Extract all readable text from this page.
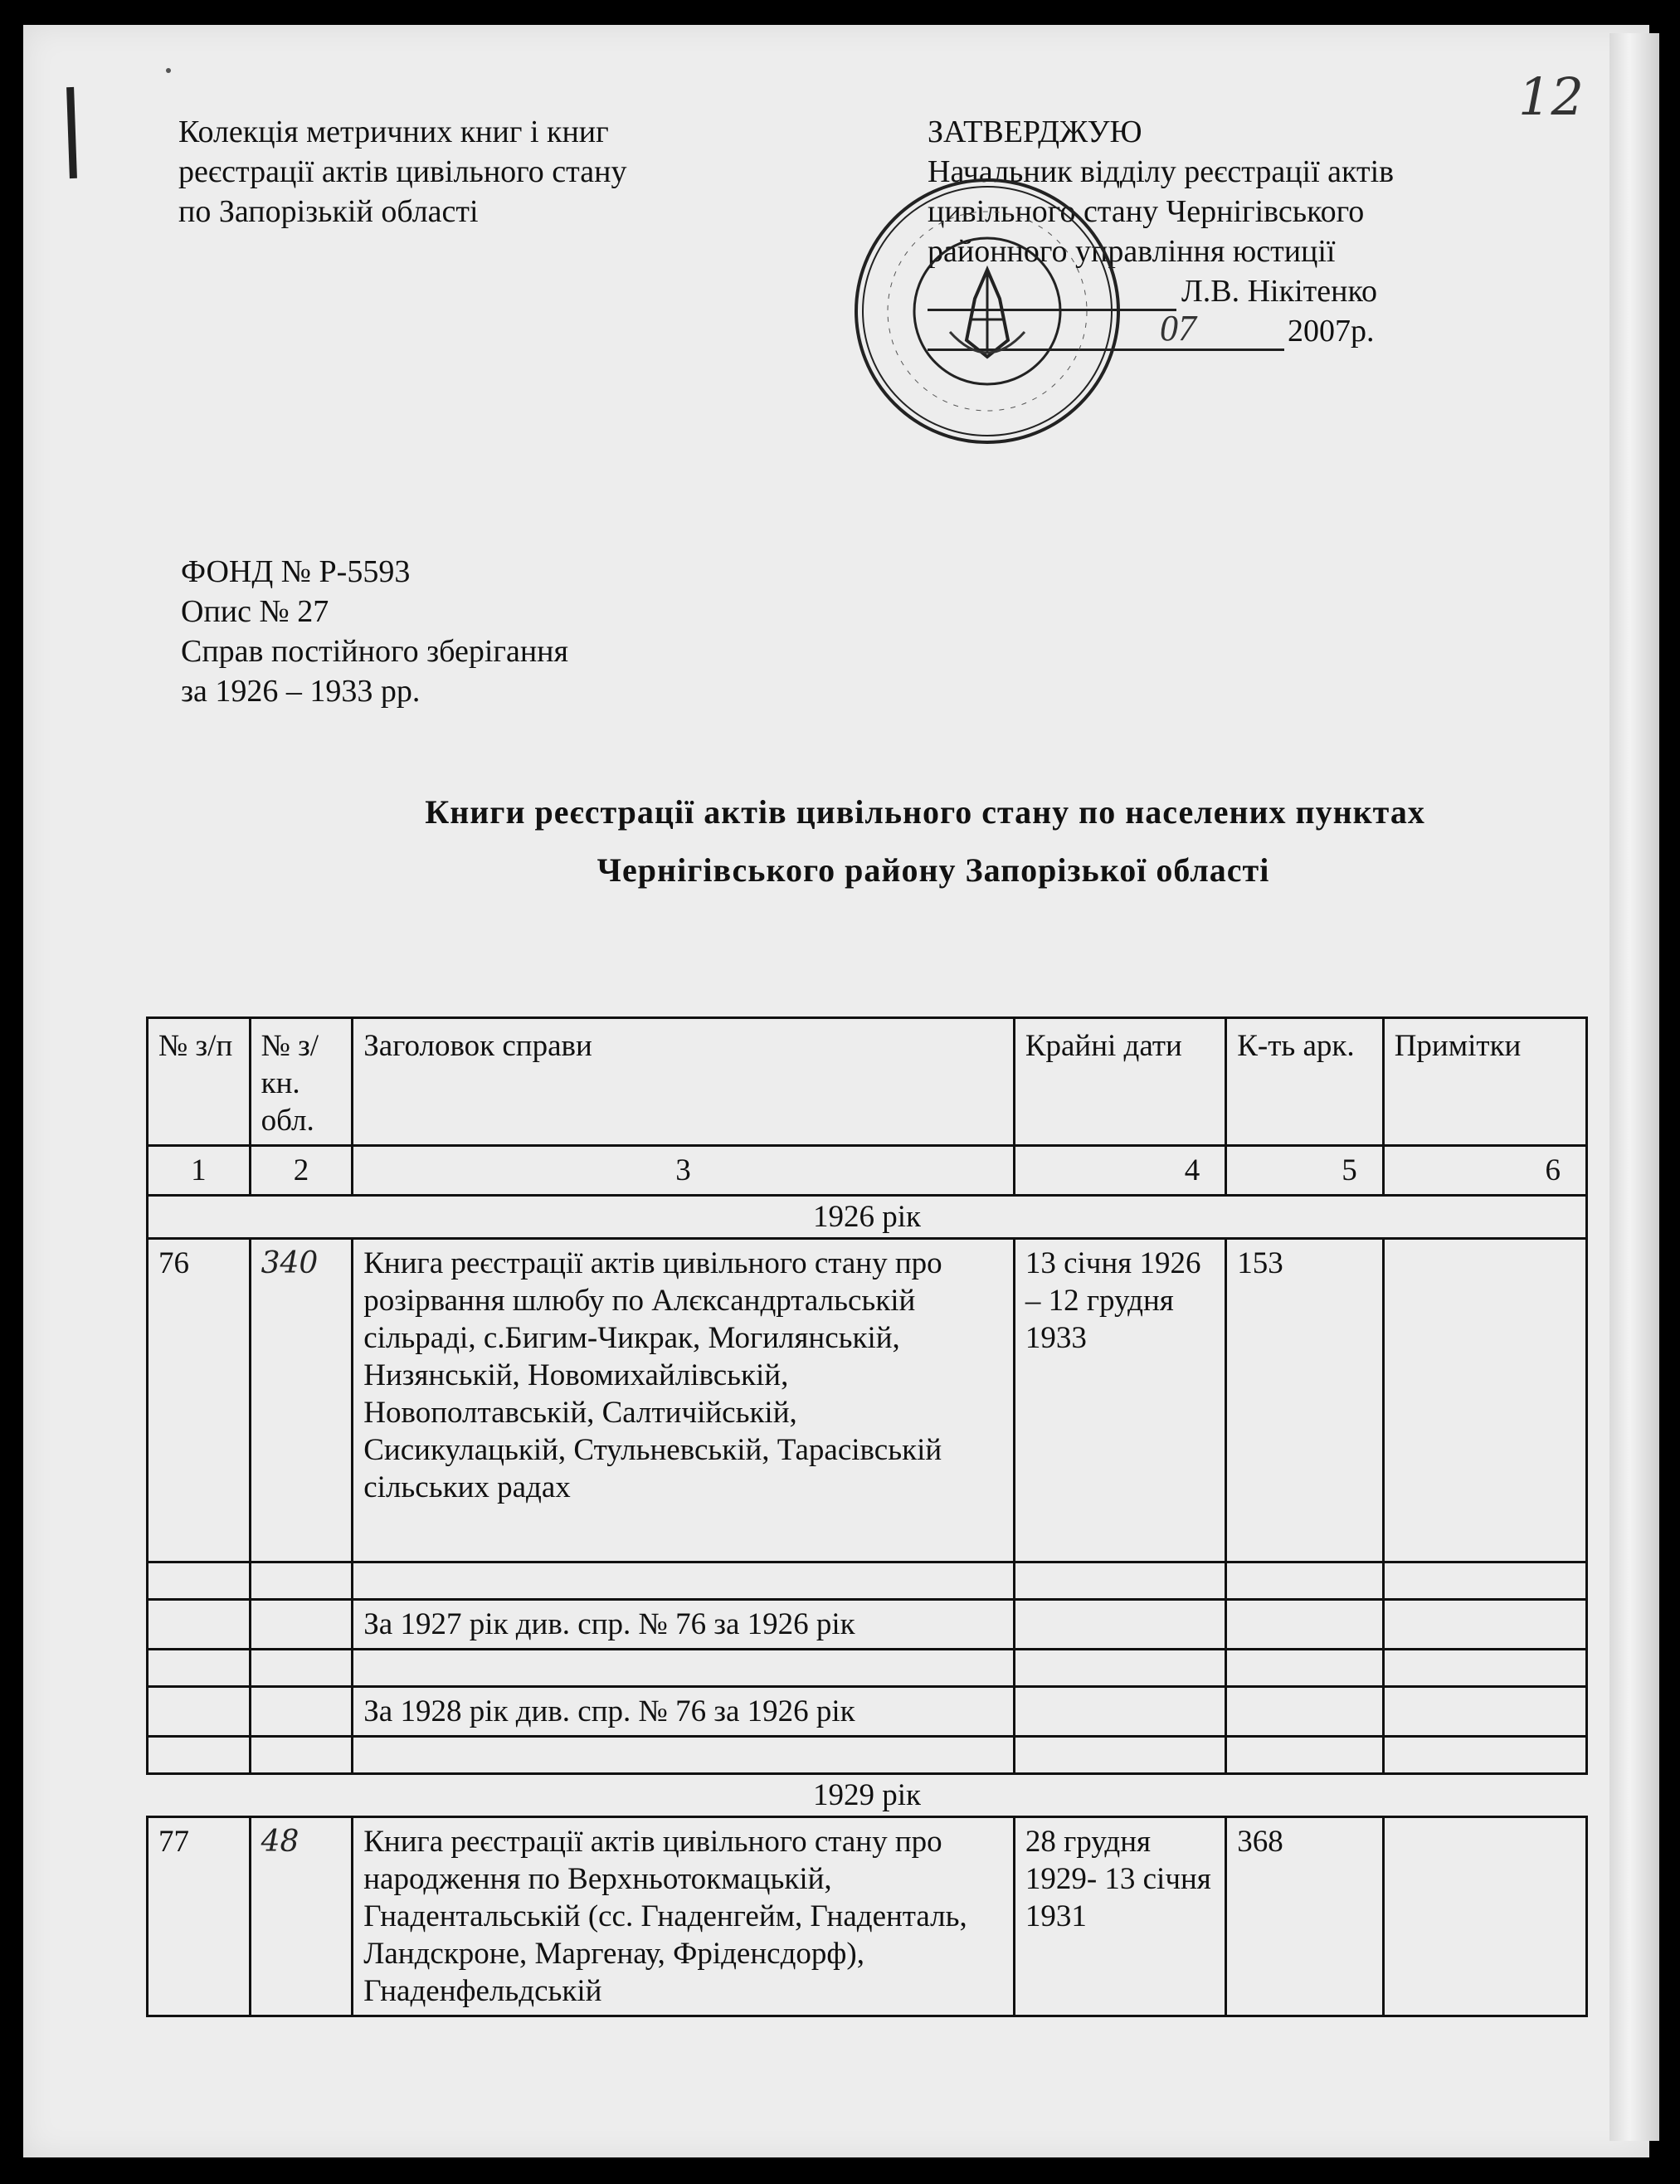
12
Колекція метричних книг і книг
реєстрації актів цивільного стану
по Запорізькій області
ЗАТВЕРДЖУЮ
Начальник відділу реєстрації актів
цивільного стану Чернігівського
районного управління юстиції
Л.В. Нікітенко
07	2007р.
ФОНД № Р-5593
Опис № 27
Справ постійного зберігання
за 1926 – 1933 рр.
Книги реєстрації актів цивільного стану по населених пунктах
Чернігівського району Запорізької області
№ з/п	№ з/кн. обл.	Заголовок справи	Крайні дати	К-ть арк.	Примітки
1	2	3	4	5	6
1926 рік					
76	340	Книга реєстрації актів цивільного стану про розірвання шлюбу по Алєксандртальській сільраді, с.Бигим-Чикрак, Могилянській, Низянській, Новомихайлівській, Новополтавській, Салтичійській, Сисикулацькій, Стульневській, Тарасівській сільських радах	13 січня 1926 – 12 грудня 1933	153	

		За 1927 рік див. спр. № 76 за 1926 рік			

		За 1928 рік див. спр. № 76 за 1926 рік			

1929 рік					
77	48	Книга реєстрації актів цивільного стану про народження по Верхньотокмацькій, Гнадентальській (сс. Гнаденгейм, Гнаденталь, Ландскроне, Маргенау, Фріденсдорф), Гнаденфельдській	28 грудня 1929- 13 січня 1931	368	
